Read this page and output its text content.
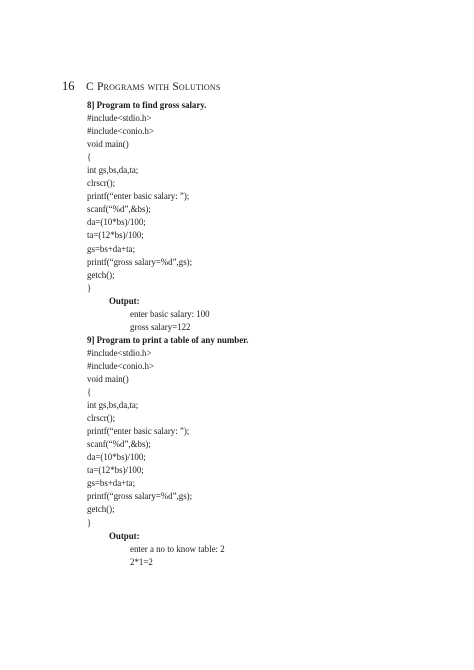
16	C Programs with Solutions
8] Program to find gross salary.
#include<stdio.h>
#include<conio.h>
void main()
{
int gs,bs,da,ta;
clrscr();
printf(“enter basic salary: ”);
scanf(“%d”,&bs);
da=(10*bs)/100;
ta=(12*bs)/100;
gs=bs+da+ta;
printf(“gross salary=%d”,gs);
getch();
}
Output:
enter basic salary: 100
gross salary=122
9] Program to print a table of any number.
#include<stdio.h>
#include<conio.h>
void main()
{
int gs,bs,da,ta;
clrscr();
printf(“enter basic salary: ”);
scanf(“%d”,&bs);
da=(10*bs)/100;
ta=(12*bs)/100;
gs=bs+da+ta;
printf(“gross salary=%d”,gs);
getch();
}
Output:
enter a no to know table: 2
2*1=2
